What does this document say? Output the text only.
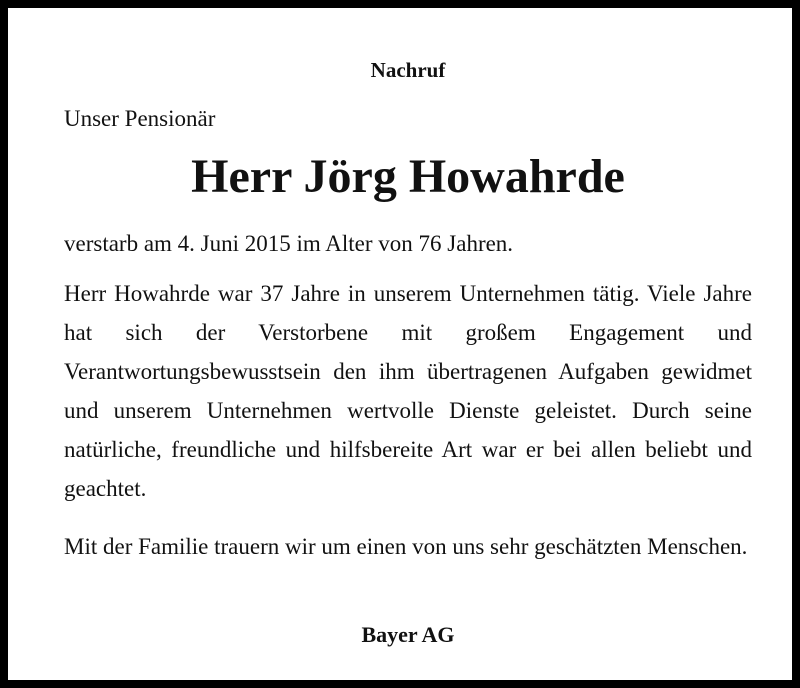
Nachruf
Unser Pensionär
Herr Jörg Howahrde
verstarb am 4. Juni 2015 im Alter von 76 Jahren.
Herr Howahrde war 37 Jahre in unserem Unternehmen tätig. Viele Jahre hat sich der Verstorbene mit großem Engagement und Verantwortungsbewusstsein den ihm übertragenen Aufgaben gewidmet und unserem Unternehmen wertvolle Dienste geleistet. Durch seine natürliche, freundliche und hilfsbereite Art war er bei allen beliebt und geachtet.
Mit der Familie trauern wir um einen von uns sehr geschätzten Menschen.
Bayer AG
